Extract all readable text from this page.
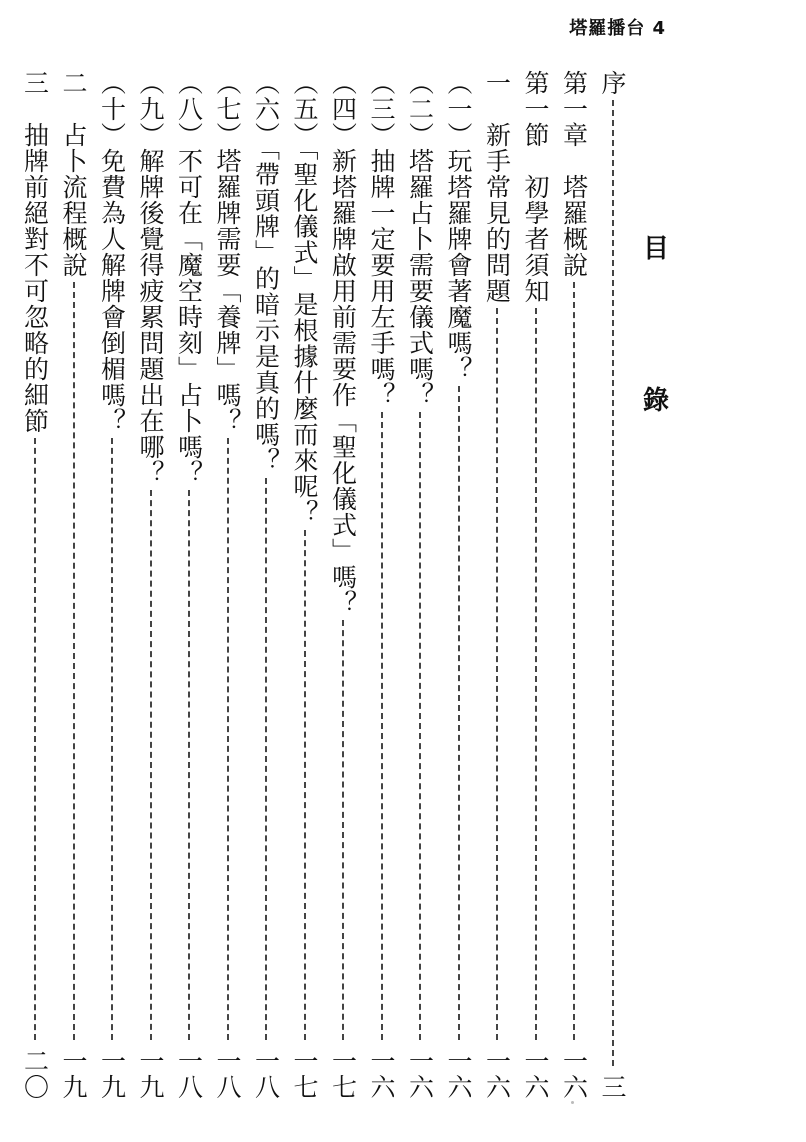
塔羅播台 4
目
錄
序
三
第一章　塔羅概說
一六
第一節　初學者須知
一六
一　新手常見的問題
一六
（一）玩塔羅牌會著魔嗎？
一六
（二）塔羅占卜需要儀式嗎？
一六
（三）抽牌一定要用左手嗎？
一六
（四）新塔羅牌啟用前需要作「聖化儀式」嗎？
一七
（五）「聖化儀式」是根據什麼而來呢？
一七
（六）「帶頭牌」的暗示是真的嗎？
一八
（七）塔羅牌需要「養牌」嗎？
一八
（八）不可在「魔空時刻」占卜嗎？
一八
（九）解牌後覺得疲累問題出在哪？
一九
（十）免費為人解牌會倒楣嗎？
一九
二　占卜流程概說
一九
三　抽牌前絕對不可忽略的細節
二〇
